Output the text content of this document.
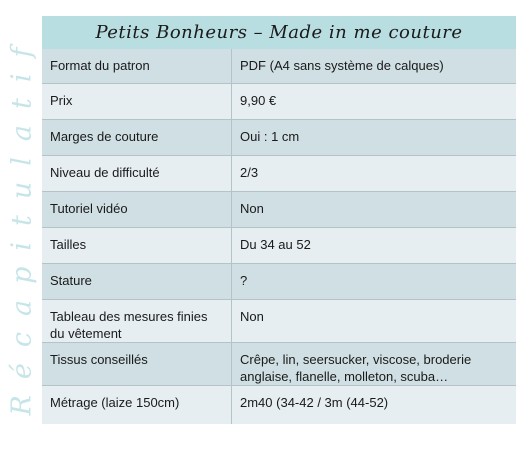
Récapitulatif	Petits Bonheurs – Made in me couture
Format du patron	PDF (A4 sans système de calques)
Prix	9,90 €
Marges de couture	Oui : 1 cm
Niveau de difficulté	2/3
Tutoriel vidéo	Non
Tailles	Du 34 au 52
Stature	?
Tableau des mesures finies du vêtement	Non
Tissus conseillés	Crêpe, lin, seersucker, viscose, broderie anglaise, flanelle, molleton, scuba…
Métrage (laize 150cm)	2m40 (34-42 / 3m (44-52)
